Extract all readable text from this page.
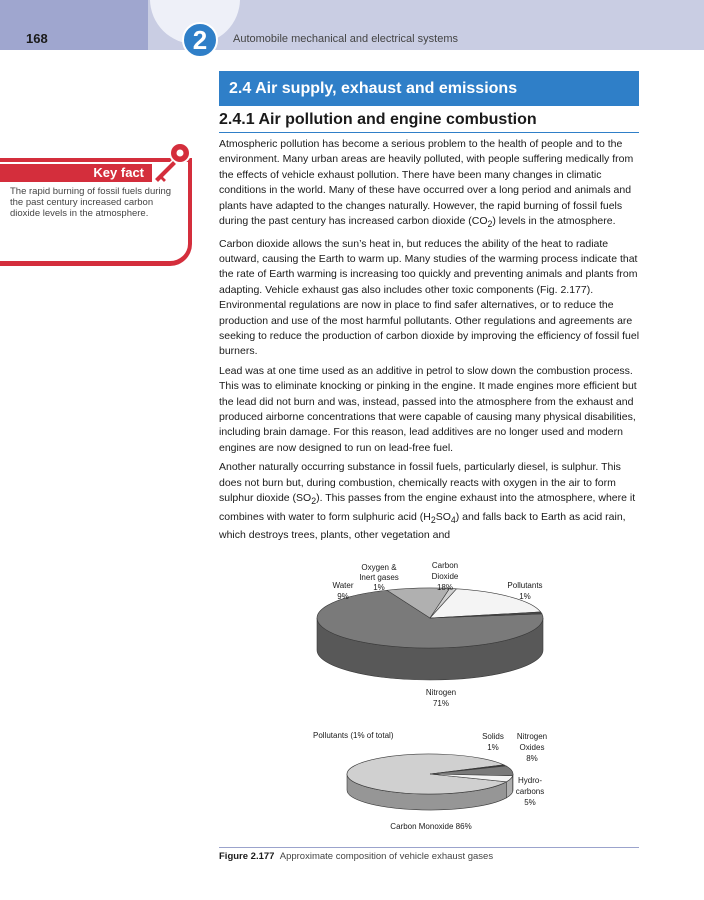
2
168	Automobile mechanical and electrical systems
2.4 Air supply, exhaust and emissions
2.4.1 Air pollution and engine combustion
Key fact
The rapid burning of fossil fuels during the past century increased carbon dioxide levels in the atmosphere.

Atmospheric pollution has become a serious problem to the health of people and to the environment. Many urban areas are heavily polluted, with people suffering medically from the effects of vehicle exhaust pollution. There have been many changes in climatic conditions in the world. Many of these have occurred over a long period and animals and plants have adapted to the changes naturally. However, the rapid burning of fossil fuels during the past century has increased carbon dioxide $(CO_2)$ levels in the atmosphere.

Carbon dioxide allows the sun’s heat in, but reduces the ability of the heat to radiate outward, causing the Earth to warm up. Many studies of the warming process indicate that the rate of Earth warming is increasing too quickly and preventing animals and plants from adapting. Vehicle exhaust gas also includes other toxic components (Fig. 2.177). Environmental regulations are now in place to find safer alternatives, or to reduce the production and use of the most harmful pollutants. Other regulations and agreements are seeking to reduce the production of carbon dioxide by improving the efficiency of fossil fuel burners.

Lead was at one time used as an additive in petrol to slow down the combustion process. This was to eliminate knocking or pinking in the engine. It made engines more efficient but the lead did not burn and was, instead, passed into the atmosphere from the exhaust and produced airborne concentrations that were capable of causing many physical disabilities, including brain damage. For this reason, lead additives are no longer used and modern engines are now designed to run on lead-free fuel.

Another naturally occurring substance in fossil fuels, particularly diesel, is sulphur. This does not burn but, during combustion, chemically reacts with oxygen in the air to form sulphur dioxide $(SO_2)$. This passes from the engine exhaust into the atmosphere, where it combines with water to form sulphuric acid $(H_2SO_4)$ and falls back to Earth as acid rain, which destroys trees, plants, other vegetation and

Water
9%
Oxygen &
Inert gases
1%
Carbon
Dioxide
18%	Pollutants
1%
Nitrogen
71%
Pollutants (1% of total)	Solids
1%
Nitrogen
Oxides
8%
Hydro-
carbons
5%
Carbon Monoxide 86%
Figure 2.177 Approximate composition of vehicle exhaust gases
